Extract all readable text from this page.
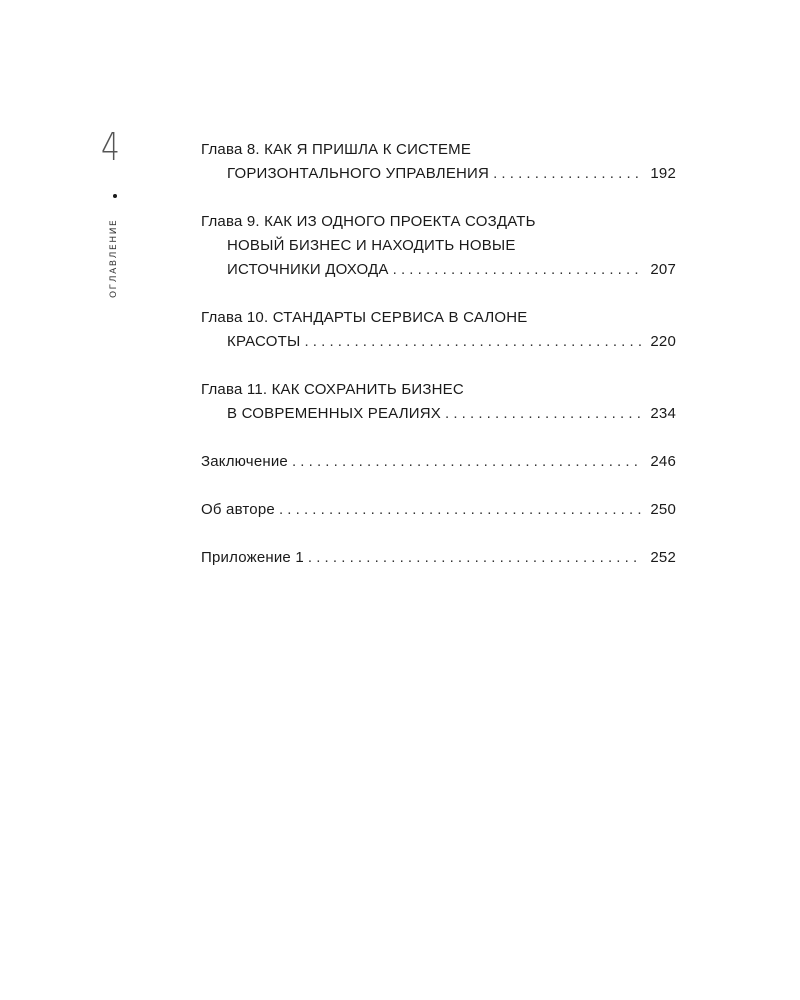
4
ОГЛАВЛЕНИЕ
Глава 8. КАК Я ПРИШЛА К СИСТЕМЕ
ГОРИЗОНТАЛЬНОГО УПРАВЛЕНИЯ . . .	192
Глава 9. КАК ИЗ ОДНОГО ПРОЕКТА СОЗДАТЬ
НОВЫЙ БИЗНЕС И НАХОДИТЬ НОВЫЕ
ИСТОЧНИКИ ДОХОДА . . .	207
Глава 10. СТАНДАРТЫ СЕРВИСА В САЛОНЕ
КРАСОТЫ . . .	220
Глава 11. КАК СОХРАНИТЬ БИЗНЕС
В СОВРЕМЕННЫХ РЕАЛИЯХ . . .	234
Заключение . . .	246
Об авторе . . .	250
Приложение 1 . . .	252
